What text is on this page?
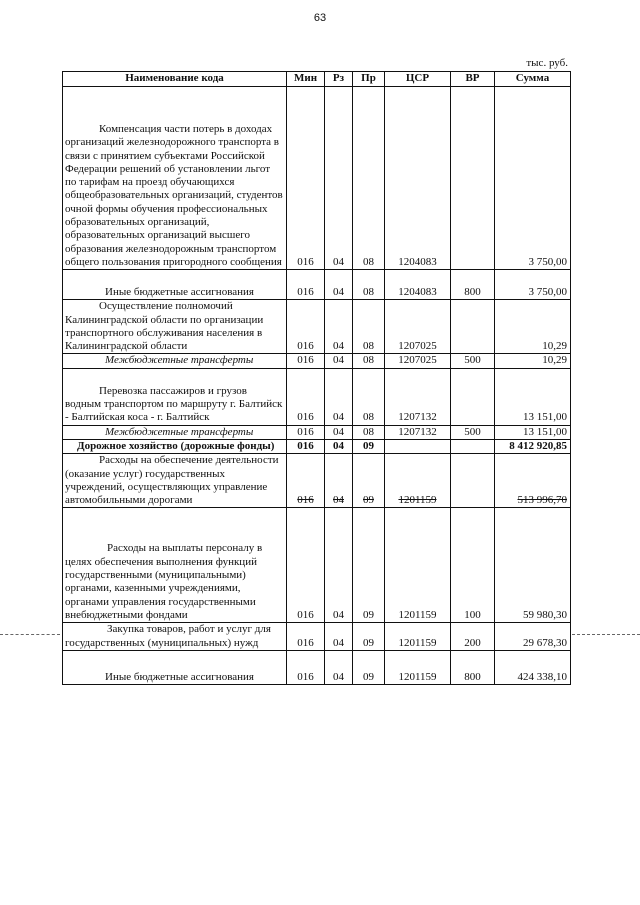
63
тыс. руб.
Наименование кода	Мин	Рз	Пр	ЦСР	ВР	Сумма

Компенсация части потерь в доходах организаций железнодорожного транспорта в связи с принятием субъектами Российской Федерации решений об установлении льгот по тарифам на проезд обучающихся общеобразовательных организаций, студентов очной формы обучения профессиональных образовательных организаций, образовательных организаций высшего образования железнодорожным транспортом общего пользования пригородного сообщения	016	04	08	1204083		3 750,00
Иные бюджетные ассигнования	016	04	08	1204083	800	3 750,00

Осуществление полномочий Калининградской области по организации транспортного обслуживания населения в Калининградской области	016	04	08	1207025		10,29
Межбюджетные трансферты	016	04	08	1207025	500	10,29

Перевозка пассажиров и грузов водным транспортом по маршруту г. Балтийск - Балтийская коса - г. Балтийск	016	04	08	1207132		13 151,00
Межбюджетные трансферты	016	04	08	1207132	500	13 151,00

Дорожное хозяйство (дорожные фонды)	016	04	09			8 412 920,85

Расходы на обеспечение деятельности (оказание услуг) государственных учреждений, осуществляющих управление автомобильными дорогами	016	04	09	1201159		513 996,70

Расходы на выплаты персоналу в целях обеспечения выполнения функций государственными (муниципальными) органами, казенными учреждениями, органами управления государственными внебюджетными фондами	016	04	09	1201159	100	59 980,30

Закупка товаров, работ и услуг для государственных (муниципальных) нужд	016	04	09	1201159	200	29 678,30
Иные бюджетные ассигнования	016	04	09	1201159	800	424 338,10
